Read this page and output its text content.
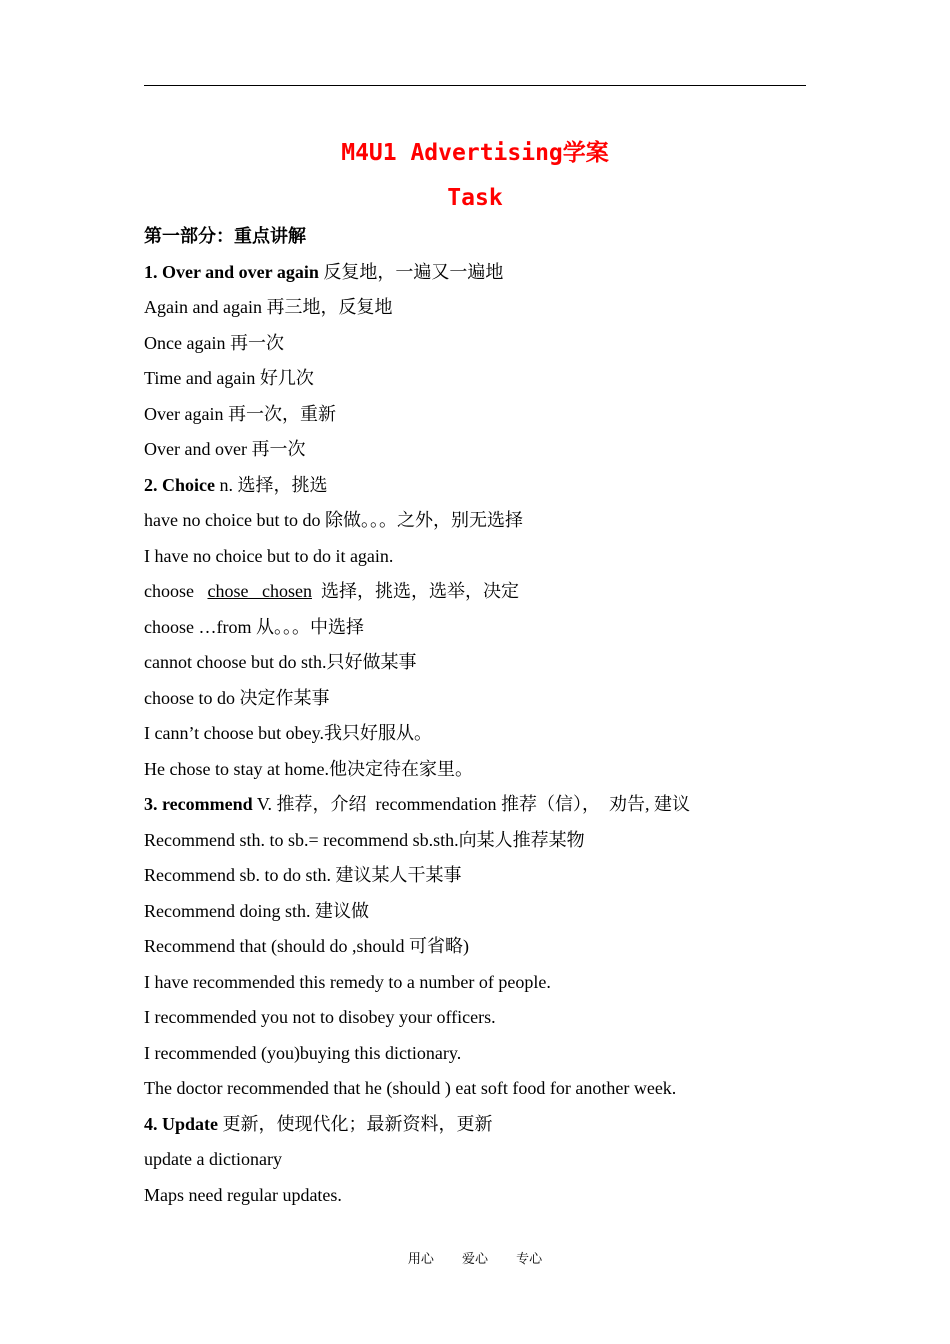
M4U1 Advertising学案
Task
第一部分：重点讲解
1. Over and over again 反复地，一遍又一遍地
Again and again 再三地，反复地
Once again 再一次
Time and again 好几次
Over again 再一次，重新
Over and over 再一次
2. Choice n. 选择，挑选
have no choice but to do 除做。。。之外，别无选择
I have no choice but to do it again.
choose   chose   chosen  选择，挑选，选举，决定
choose …from 从。。。中选择
cannot choose but do sth.只好做某事
choose to do 决定作某事
I cann’t choose but obey.我只好服从。
He chose to stay at home.他决定待在家里。
3. recommend V. 推荐，介绍  recommendation 推荐（信），  劝告, 建议
Recommend sth. to sb.= recommend sb.sth.向某人推荐某物
Recommend sb. to do sth. 建议某人干某事
Recommend doing sth. 建议做
Recommend that (should do ,should 可省略)
I have recommended this remedy to a number of people.
I recommended you not to disobey your officers.
I recommended (you)buying this dictionary.
The doctor recommended that he (should ) eat soft food for another week.
4. Update 更新，使现代化；最新资料，更新
update a dictionary
Maps need regular updates.
用心 爱心 专心
